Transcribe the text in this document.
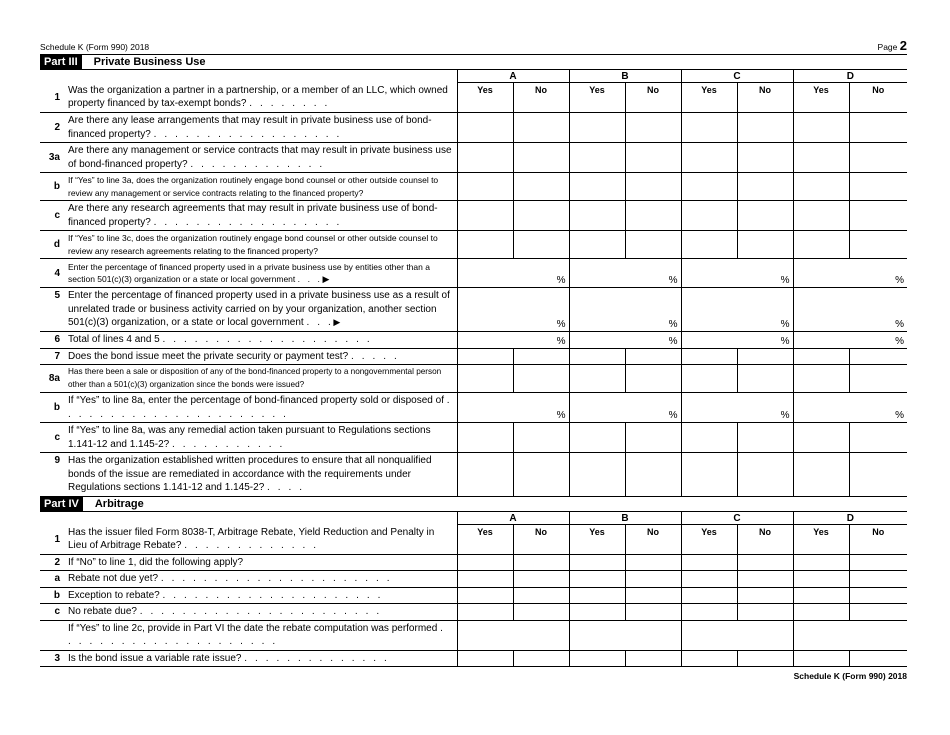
Schedule K (Form 990) 2018	Page 2
Part III	Private Business Use
		A		B		C		D	
1	Was the organization a partner in a partnership, or a member of an LLC, which owned property financed by tax-exempt bonds? . . . . . . . .	Yes	No	Yes	No	Yes	No	Yes	No
2	Are there any lease arrangements that may result in private business use of bond-financed property? . . . . . . . . . . . . . . . . . .								
3a	Are there any management or service contracts that may result in private business use of bond-financed property? . . . . . . . . . . . . .								
b	If “Yes” to line 3a, does the organization routinely engage bond counsel or other outside counsel to review any management or service contracts relating to the financed property?								
c	Are there any research agreements that may result in private business use of bond-financed property? . . . . . . . . . . . . . . . . . .								
d	If “Yes” to line 3c, does the organization routinely engage bond counsel or other outside counsel to review any research agreements relating to the financed property?								
4	Enter the percentage of financed property used in a private business use by entities other than a section 501(c)(3) organization or a state or local government . . .▶	%		%		%		%	
5	Enter the percentage of financed property used in a private business use as a result of unrelated trade or business activity carried on by your organization, another section 501(c)(3) organization, or a state or local government . . .▶	%		%		%		%	
6	Total of lines 4 and 5 . . . . . . . . . . . . . . . . . . . .	%		%		%		%	
7	Does the bond issue meet the private security or payment test? . . . . .								
8a	Has there been a sale or disposition of any of the bond-financed property to a nongovernmental person other than a 501(c)(3) organization since the bonds were issued?								
b	If “Yes” to line 8a, enter the percentage of bond-financed property sold or disposed of . . . . . . . . . . . . . . . . . . . . . .	%		%		%		%	
c	If “Yes” to line 8a, was any remedial action taken pursuant to Regulations sections 1.141-12 and 1.145-2? . . . . . . . . . . .								
9	Has the organization established written procedures to ensure that all nonqualified bonds of the issue are remediated in accordance with the requirements under Regulations sections 1.141-12 and 1.145-2? . . . .								
Part IV	Arbitrage
		A		B		C		D	
1	Has the issuer filed Form 8038-T, Arbitrage Rebate, Yield Reduction and Penalty in Lieu of Arbitrage Rebate? . . . . . . . . . . . . .	Yes	No	Yes	No	Yes	No	Yes	No
2	If “No” to line 1, did the following apply?								
a	Rebate not due yet? . . . . . . . . . . . . . . . . . . . . . .								
b	Exception to rebate? . . . . . . . . . . . . . . . . . . . . .								
c	No rebate due? . . . . . . . . . . . . . . . . . . . . . . .								
	If “Yes” to line 2c, provide in Part VI the date the rebate computation was performed . . . . . . . . . . . . . . . . . . . . .								
3	Is the bond issue a variable rate issue? . . . . . . . . . . . . . .								
Schedule K (Form 990) 2018
